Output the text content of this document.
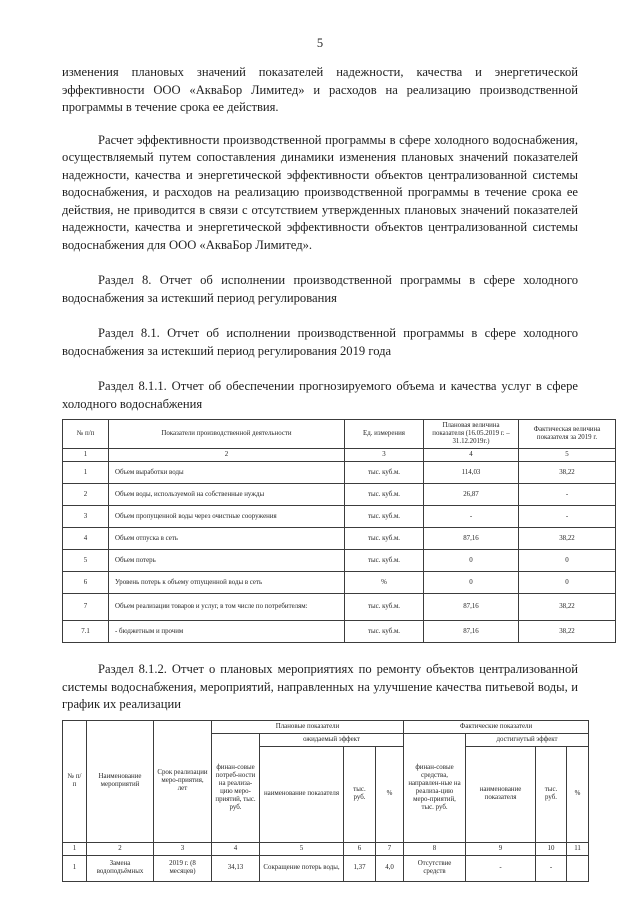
5

изменения плановых значений показателей надежности, качества и энергетической эффективности ООО «АкваБор Лимитед» и расходов на реализацию производственной программы в течение срока ее действия.

Расчет эффективности производственной программы в сфере холодного водоснабжения, осуществляемый путем сопоставления динамики изменения плановых значений показателей надежности, качества и энергетической эффективности объектов централизованной системы водоснабжения, и расходов на реализацию производственной программы в течение срока ее действия, не приводится в связи с отсутствием утвержденных плановых значений показателей надежности, качества и энергетической эффективности объектов централизованной системы водоснабжения для ООО «АкваБор Лимитед».

Раздел 8. Отчет об исполнении производственной программы в сфере холодного водоснабжения за истекший период регулирования

Раздел 8.1. Отчет об исполнении производственной программы в сфере холодного водоснабжения за истекший период регулирования 2019 года

Раздел 8.1.1. Отчет об обеспечении прогнозируемого объема и качества услуг в сфере холодного водоснабжения

№ п/п	Показатели производственной деятельности	Ед. измерения	Плановая величина показателя (16.05.2019 г. – 31.12.2019г.)	Фактическая величина показателя за 2019 г.
1	2	3	4	5
1	Объем выработки воды	тыс. куб.м.	114,03	38,22
2	Объем воды, используемой на собственные нужды	тыс. куб.м.	26,87	-
3	Объем пропущенной воды через очистные сооружения	тыс. куб.м.	-	-
4	Объем отпуска в сеть	тыс. куб.м.	87,16	38,22
5	Объем потерь	тыс. куб.м.	0	0
6	Уровень потерь к объему отпущенной воды в сеть	%	0	0
7	Объем реализации товаров и услуг, в том числе по потребителям:	тыс. куб.м.	87,16	38,22
7.1	- бюджетным и прочим	тыс. куб.м.	87,16	38,22

Раздел 8.1.2. Отчет о плановых мероприятиях по ремонту объектов централизованной системы водоснабжения, мероприятий, направленных на улучшение качества питьевой воды, и график их реализации

№ п/п	Наименование мероприятий	Срок реализации меро-приятия, лет	Плановые показатели				Фактические показатели			
			финан-совые потреб-ности на реализа-цию меро-приятий, тыс. руб.	ожидаемый эффект			финан-совые средства, направлен-ные на реализа-цию меро-приятий, тыс. руб.	достигнутый эффект		
				наименование показателя	тыс. руб.	%		наименование показателя	тыс. руб.	%
1	2	3	4	5	6	7	8	9	10	11
1	Замена водоподъёмных	2019 г. (8 месяцев)	34,13	Сокращение потерь воды,	1,37	4,0	Отсутствие средств	-	-	
